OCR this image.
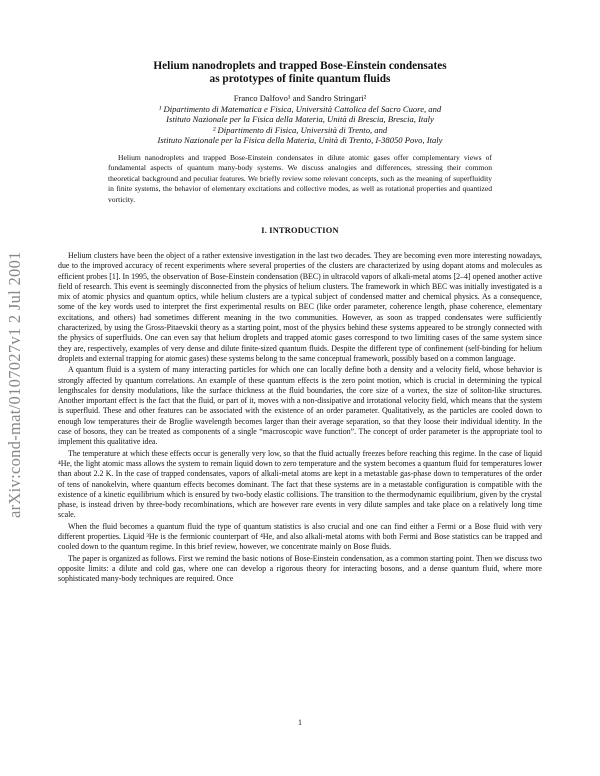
arXiv:cond-mat/0107027v1 2 Jul 2001
Helium nanodroplets and trapped Bose-Einstein condensates
as prototypes of finite quantum fluids
Franco Dalfovo¹ and Sandro Stringari²
¹ Dipartimento di Matematica e Fisica, Università Cattolica del Sacro Cuore, and
Istituto Nazionale per la Fisica della Materia, Unità di Brescia, Brescia, Italy
² Dipartimento di Fisica, Università di Trento, and
Istituto Nazionale per la Fisica della Materia, Unità di Trento, I-38050 Povo, Italy
Helium nanodroplets and trapped Bose-Einstein condensates in dilute atomic gases offer complementary views of fundamental aspects of quantum many-body systems. We discuss analogies and differences, stressing their common theoretical background and peculiar features. We briefly review some relevant concepts, such as the meaning of superfluidity in finite systems, the behavior of elementary excitations and collective modes, as well as rotational properties and quantized vorticity.
I. INTRODUCTION

Helium clusters have been the object of a rather extensive investigation in the last two decades. They are becoming even more interesting nowadays, due to the improved accuracy of recent experiments where several properties of the clusters are characterized by using dopant atoms and molecules as efficient probes [1]. In 1995, the observation of Bose-Einstein condensation (BEC) in ultracold vapors of alkali-metal atoms [2–4] opened another active field of research. This event is seemingly disconnected from the physics of helium clusters. The framework in which BEC was initially investigated is a mix of atomic physics and quantum optics, while helium clusters are a typical subject of condensed matter and chemical physics. As a consequence, some of the key words used to interpret the first experimental results on BEC (like order parameter, coherence length, phase coherence, elementary excitations, and others) had sometimes different meaning in the two communities. However, as soon as trapped condensates were sufficiently characterized, by using the Gross-Pitaevskii theory as a starting point, most of the physics behind these systems appeared to be strongly connected with the physics of superfluids. One can even say that helium droplets and trapped atomic gases correspond to two limiting cases of the same system since they are, respectively, examples of very dense and dilute finite-sized quantum fluids. Despite the different type of confinement (self-binding for helium droplets and external trapping for atomic gases) these systems belong to the same conceptual framework, possibly based on a common language.

A quantum fluid is a system of many interacting particles for which one can locally define both a density and a velocity field, whose behavior is strongly affected by quantum correlations. An example of these quantum effects is the zero point motion, which is crucial in determining the typical lengthscales for density modulations, like the surface thickness at the fluid boundaries, the core size of a vortex, the size of soliton-like structures. Another important effect is the fact that the fluid, or part of it, moves with a non-dissipative and irrotational velocity field, which means that the system is superfluid. These and other features can be associated with the existence of an order parameter. Qualitatively, as the particles are cooled down to enough low temperatures their de Broglie wavelength becomes larger than their average separation, so that they loose their individual identity. In the case of bosons, they can be treated as components of a single “macroscopic wave function”. The concept of order parameter is the appropriate tool to implement this qualitative idea.

The temperature at which these effects occur is generally very low, so that the fluid actually freezes before reaching this regime. In the case of liquid ⁴He, the light atomic mass allows the system to remain liquid down to zero temperature and the system becomes a quantum fluid for temperatures lower than about 2.2 K. In the case of trapped condensates, vapors of alkali-metal atoms are kept in a metastable gas-phase down to temperatures of the order of tens of nanokelvin, where quantum effects becomes dominant. The fact that these systems are in a metastable configuration is compatible with the existence of a kinetic equilibrium which is ensured by two-body elastic collisions. The transition to the thermodynamic equilibrium, given by the crystal phase, is instead driven by three-body recombinations, which are however rare events in very dilute samples and take place on a relatively long time scale.

When the fluid becomes a quantum fluid the type of quantum statistics is also crucial and one can find either a Fermi or a Bose fluid with very different properties. Liquid ³He is the fermionic counterpart of ⁴He, and also alkali-metal atoms with both Fermi and Bose statistics can be trapped and cooled down to the quantum regime. In this brief review, however, we concentrate mainly on Bose fluids.

The paper is organized as follows. First we remind the basic notions of Bose-Einstein condensation, as a common starting point. Then we discuss two opposite limits: a dilute and cold gas, where one can develop a rigorous theory for interacting bosons, and a dense quantum fluid, where more sophisticated many-body techniques are required. Once

1
